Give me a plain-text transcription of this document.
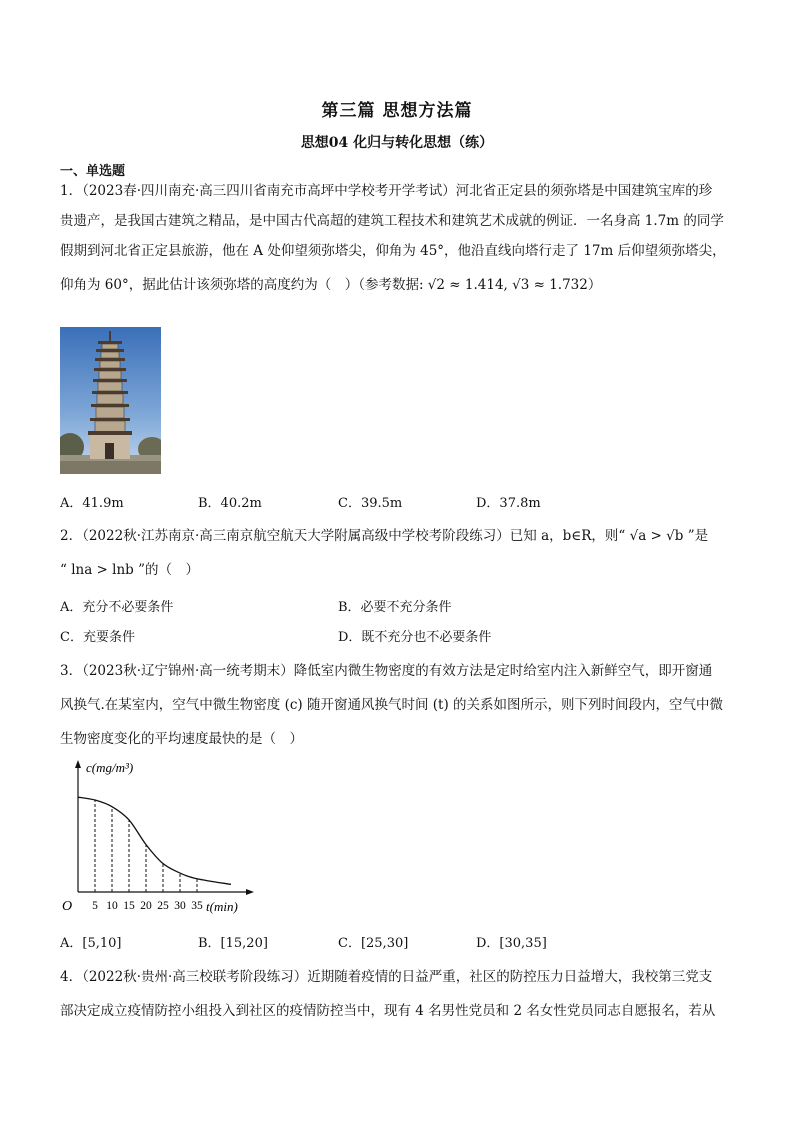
第三篇 思想方法篇
思想04 化归与转化思想（练）
一、单选题
1．（2023春·四川南充·高三四川省南充市高坪中学校考开学考试）河北省正定县的须弥塔是中国建筑宝库的珍
贵遗产，是我国古建筑之精品，是中国古代高超的建筑工程技术和建筑艺术成就的例证．一名身高 1.7m 的同学
假期到河北省正定县旅游，他在 A 处仰望须弥塔尖，仰角为 45°，他沿直线向塔行走了 17m 后仰望须弥塔尖，
仰角为 60°，据此估计该须弥塔的高度约为（　）（参考数据: √2 ≈ 1.414, √3 ≈ 1.732）
A．41.9m	B．40.2m	C．39.5m	D．37.8m
2．（2022秋·江苏南京·高三南京航空航天大学附属高级中学校考阶段练习）已知 a，b∈R，则“ √a > √b ”是
“ lna > lnb ”的（　）
A．充分不必要条件	B．必要不充分条件
C．充要条件	D．既不充分也不必要条件
3．（2023秋·辽宁锦州·高一统考期末）降低室内微生物密度的有效方法是定时给室内注入新鲜空气，即开窗通
风换气.在某室内，空气中微生物密度 (c) 随开窗通风换气时间 (t) 的关系如图所示，则下列时间段内，空气中微
生物密度变化的平均速度最快的是（　）
c(mg/m³)
t(min)
O 5 10 15 20 25 30 35
A．[5,10]	B．[15,20]	C．[25,30]	D．[30,35]
4．（2022秋·贵州·高三校联考阶段练习）近期随着疫情的日益严重，社区的防控压力日益增大，我校第三党支
部决定成立疫情防控小组投入到社区的疫情防控当中，现有 4 名男性党员和 2 名女性党员同志自愿报名，若从
